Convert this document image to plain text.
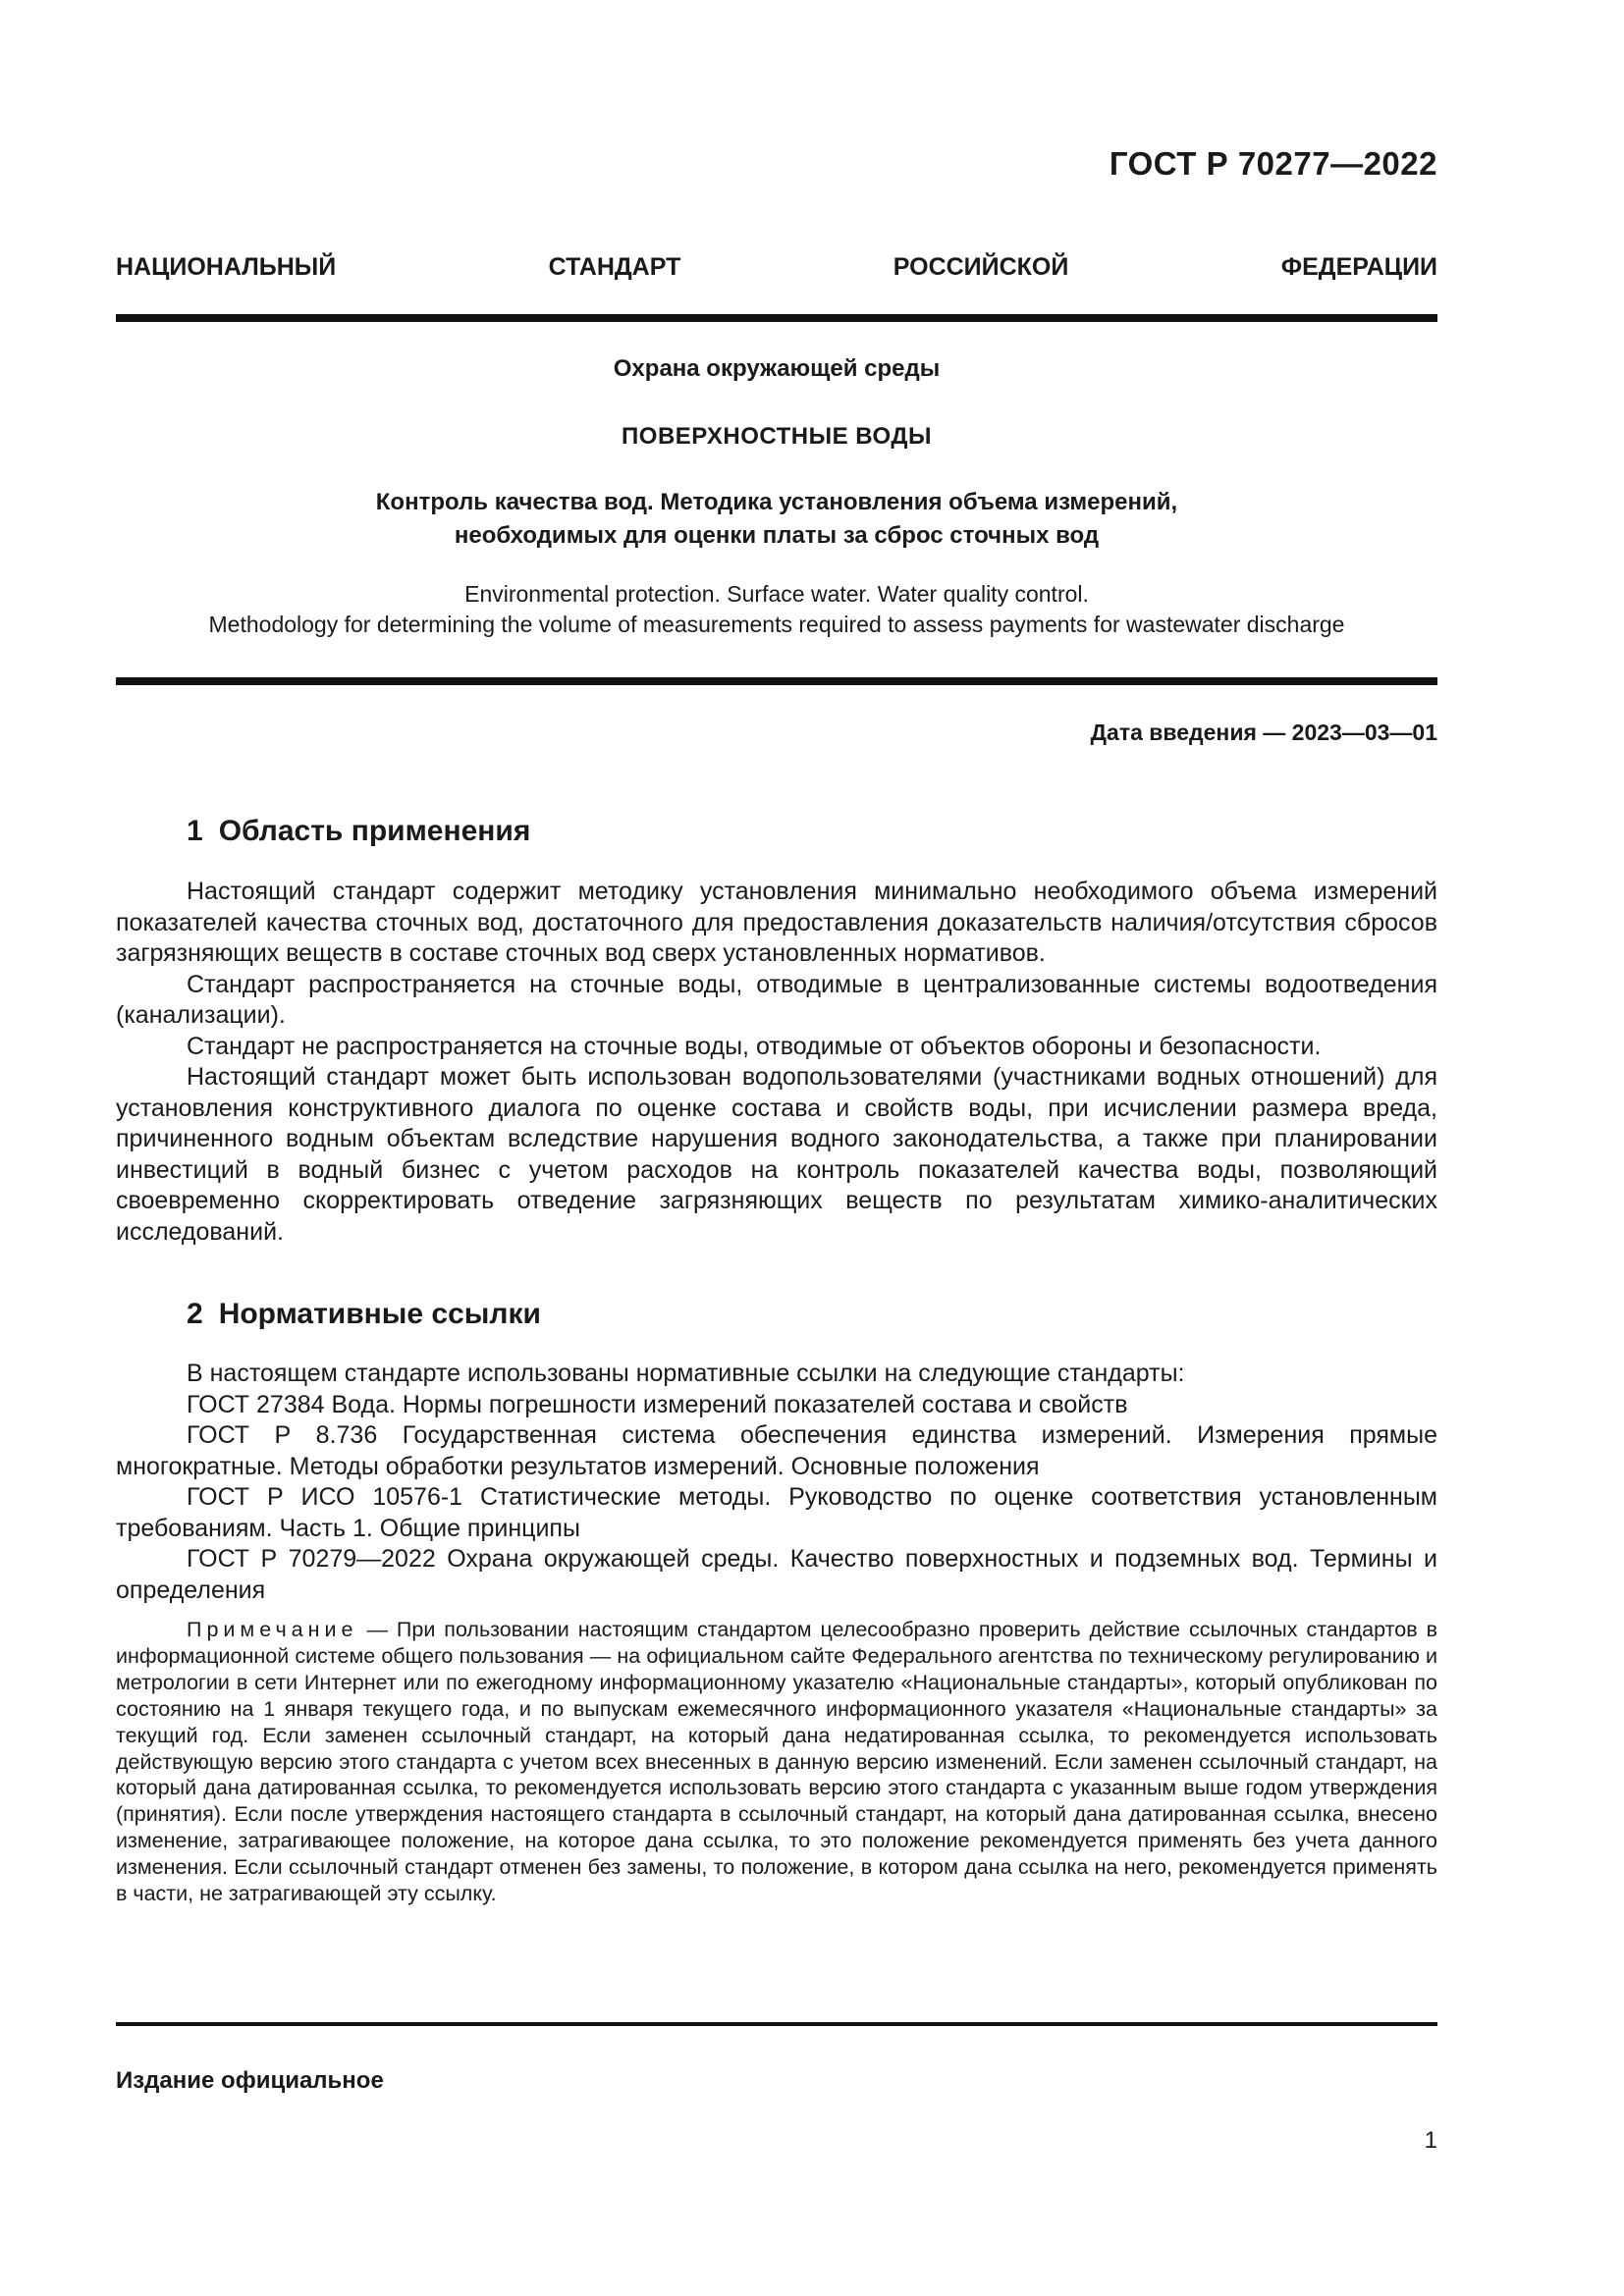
ГОСТ Р 70277—2022
НАЦИОНАЛЬНЫЙ	СТАНДАРТ	РОССИЙСКОЙ	ФЕДЕРАЦИИ
Охрана окружающей среды
ПОВЕРХНОСТНЫЕ ВОДЫ
Контроль качества вод. Методика установления объема измерений,
необходимых для оценки платы за сброс сточных вод
Environmental protection. Surface water. Water quality control.
Methodology for determining the volume of measurements required to assess payments for wastewater discharge
Дата введения — 2023—03—01
1 Область применения

Настоящий стандарт содержит методику установления минимально необходимого объема измерений показателей качества сточных вод, достаточного для предоставления доказательств наличия/отсутствия сбросов загрязняющих веществ в составе сточных вод сверх установленных нормативов.

Стандарт распространяется на сточные воды, отводимые в централизованные системы водоотведения (канализации).

Стандарт не распространяется на сточные воды, отводимые от объектов обороны и безопасности.

Настоящий стандарт может быть использован водопользователями (участниками водных отношений) для установления конструктивного диалога по оценке состава и свойств воды, при исчислении размера вреда, причиненного водным объектам вследствие нарушения водного законодательства, а также при планировании инвестиций в водный бизнес с учетом расходов на контроль показателей качества воды, позволяющий своевременно скорректировать отведение загрязняющих веществ по результатам химико-аналитических исследований.

2 Нормативные ссылки

В настоящем стандарте использованы нормативные ссылки на следующие стандарты:

ГОСТ 27384 Вода. Нормы погрешности измерений показателей состава и свойств

ГОСТ Р 8.736 Государственная система обеспечения единства измерений. Измерения прямые многократные. Методы обработки результатов измерений. Основные положения

ГОСТ Р ИСО 10576-1 Статистические методы. Руководство по оценке соответствия установленным требованиям. Часть 1. Общие принципы

ГОСТ Р 70279—2022 Охрана окружающей среды. Качество поверхностных и подземных вод. Термины и определения

Примечание — При пользовании настоящим стандартом целесообразно проверить действие ссылочных стандартов в информационной системе общего пользования — на официальном сайте Федерального агентства по техническому регулированию и метрологии в сети Интернет или по ежегодному информационному указателю «Национальные стандарты», который опубликован по состоянию на 1 января текущего года, и по выпускам ежемесячного информационного указателя «Национальные стандарты» за текущий год. Если заменен ссылочный стандарт, на который дана недатированная ссылка, то рекомендуется использовать действующую версию этого стандарта с учетом всех внесенных в данную версию изменений. Если заменен ссылочный стандарт, на который дана датированная ссылка, то рекомендуется использовать версию этого стандарта с указанным выше годом утверждения (принятия). Если после утверждения настоящего стандарта в ссылочный стандарт, на который дана датированная ссылка, внесено изменение, затрагивающее положение, на которое дана ссылка, то это положение рекомендуется применять без учета данного изменения. Если ссылочный стандарт отменен без замены, то положение, в котором дана ссылка на него, рекомендуется применять в части, не затрагивающей эту ссылку.

Издание официальное
1
